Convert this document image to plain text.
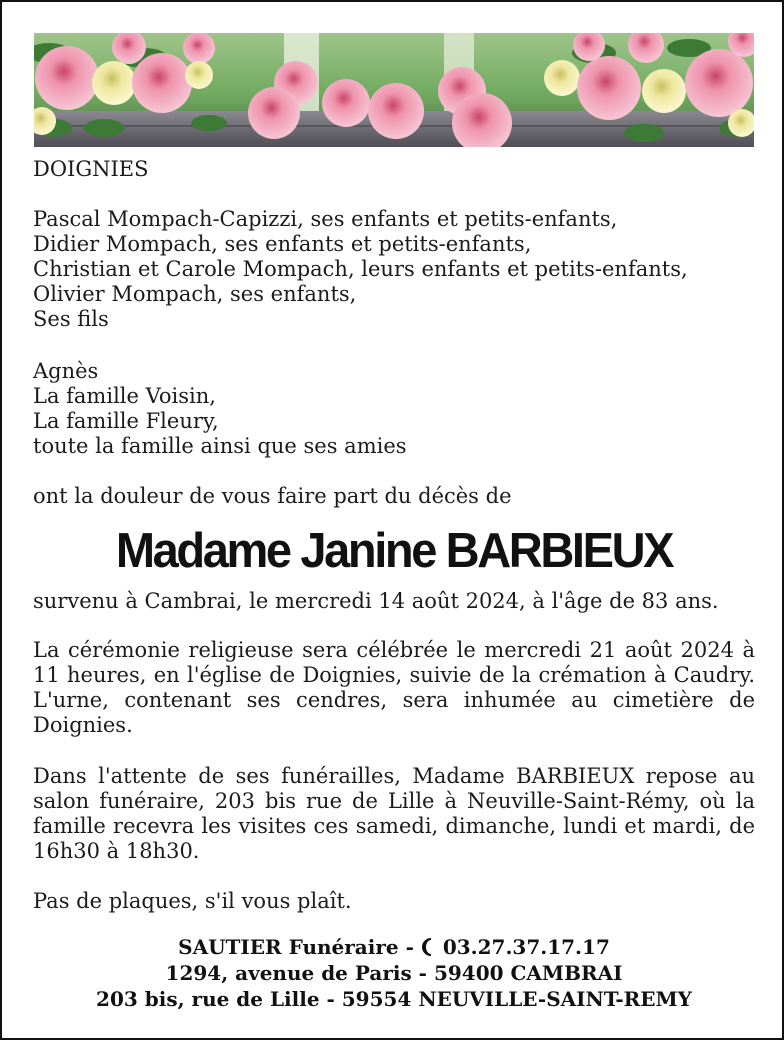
DOIGNIES

Pascal Mompach-Capizzi, ses enfants et petits-enfants,
Didier Mompach, ses enfants et petits-enfants,
Christian et Carole Mompach, leurs enfants et petits-enfants,
Olivier Mompach, ses enfants,
Ses fils

Agnès
La famille Voisin,
La famille Fleury,
toute la famille ainsi que ses amies

ont la douleur de vous faire part du décès de

Madame Janine BARBIEUX

survenu à Cambrai, le mercredi 14 août 2024, à l'âge de 83 ans.

La cérémonie religieuse sera célébrée le mercredi 21 août 2024 à 11 heures, en l'église de Doignies, suivie de la crémation à Caudry. L'urne, contenant ses cendres, sera inhumée au cimetière de Doignies.

Dans l'attente de ses funérailles, Madame BARBIEUX repose au salon funéraire, 203 bis rue de Lille à Neuville-Saint-Rémy, où la famille recevra les visites ces samedi, dimanche, lundi et mardi, de 16h30 à 18h30.

Pas de plaques, s'il vous plaît.

SAUTIER Funéraire - 03.27.37.17.17
1294, avenue de Paris - 59400 CAMBRAI
203 bis, rue de Lille - 59554 NEUVILLE-SAINT-REMY
